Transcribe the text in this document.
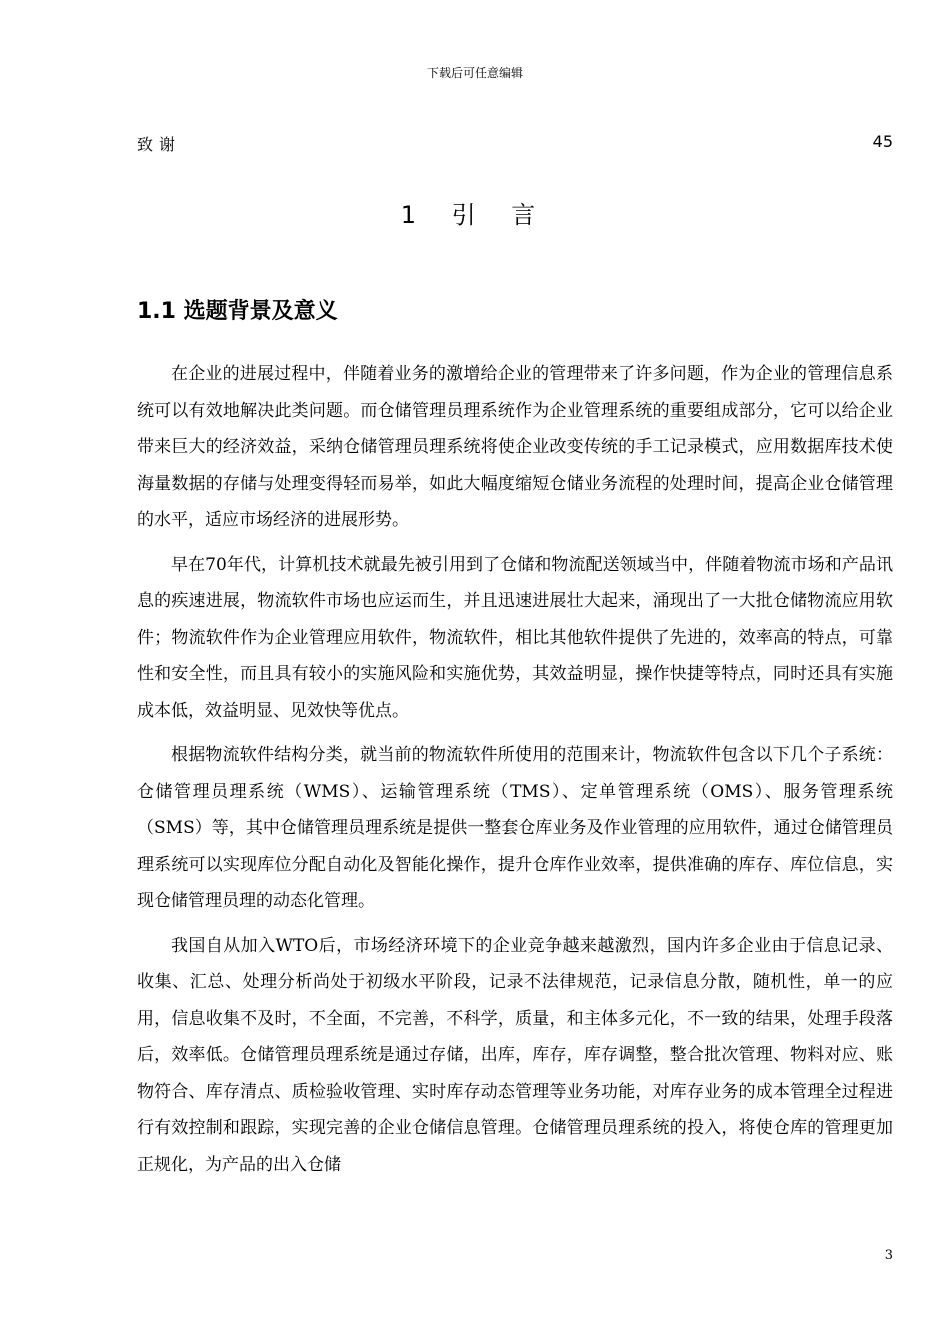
下载后可任意编辑
致谢	45
1 引 言
1.1 选题背景及意义

在企业的进展过程中，伴随着业务的激增给企业的管理带来了许多问题，作为企业的管理信息系统可以有效地解决此类问题。而仓储管理员理系统作为企业管理系统的重要组成部分，它可以给企业带来巨大的经济效益，采纳仓储管理员理系统将使企业改变传统的手工记录模式，应用数据库技术使海量数据的存储与处理变得轻而易举，如此大幅度缩短仓储业务流程的处理时间，提高企业仓储管理的水平，适应市场经济的进展形势。

早在70年代，计算机技术就最先被引用到了仓储和物流配送领域当中，伴随着物流市场和产品讯息的疾速进展，物流软件市场也应运而生，并且迅速进展壮大起来，涌现出了一大批仓储物流应用软件；物流软件作为企业管理应用软件，物流软件，相比其他软件提供了先进的，效率高的特点，可靠性和安全性，而且具有较小的实施风险和实施优势，其效益明显，操作快捷等特点，同时还具有实施成本低，效益明显、见效快等优点。

根据物流软件结构分类，就当前的物流软件所使用的范围来计，物流软件包含以下几个子系统：仓储管理员理系统（WMS）、运输管理系统（TMS）、定单管理系统（OMS）、服务管理系统（SMS）等，其中仓储管理员理系统是提供一整套仓库业务及作业管理的应用软件，通过仓储管理员理系统可以实现库位分配自动化及智能化操作，提升仓库作业效率，提供准确的库存、库位信息，实现仓储管理员理的动态化管理。

我国自从加入WTO后，市场经济环境下的企业竞争越来越激烈，国内许多企业由于信息记录、收集、汇总、处理分析尚处于初级水平阶段，记录不法律规范，记录信息分散，随机性，单一的应用，信息收集不及时，不全面，不完善，不科学，质量，和主体多元化，不一致的结果，处理手段落后，效率低。仓储管理员理系统是通过存储，出库，库存，库存调整，整合批次管理、物料对应、账物符合、库存清点、质检验收管理、实时库存动态管理等业务功能，对库存业务的成本管理全过程进行有效控制和跟踪，实现完善的企业仓储信息管理。仓储管理员理系统的投入，将使仓库的管理更加正规化，为产品的出入仓储

3
